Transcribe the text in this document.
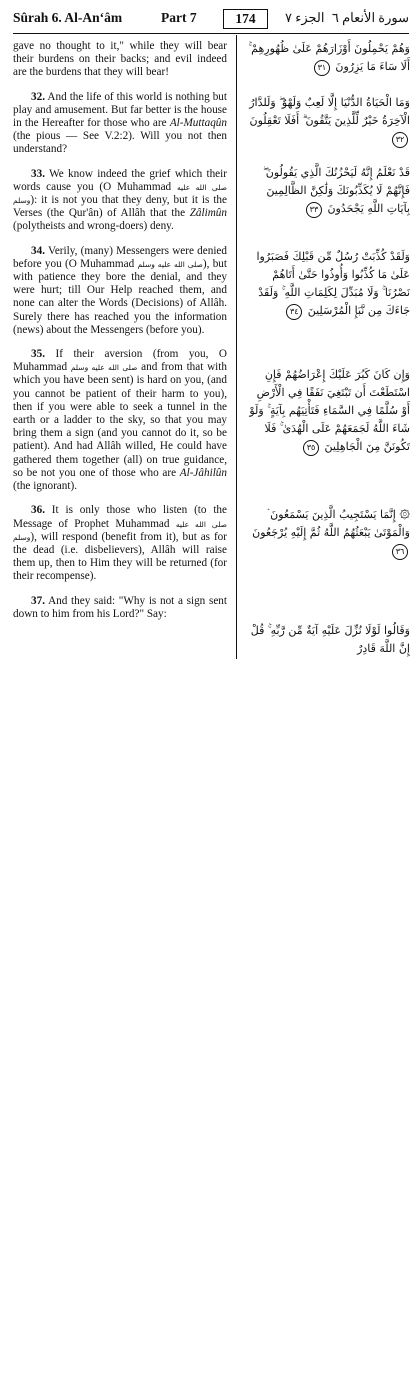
Sûrah 6. Al-An‘âm	Part 7	174	الجزء ٧ سورة الأنعام ٦

gave no thought to it," while they will bear their burdens on their backs; and evil indeed are the burdens that they will bear!

32. And the life of this world is nothing but play and amusement. But far better is the house in the Hereafter for those who are Al-Muttaqûn (the pious — See V.2:2). Will you not then understand?

33. We know indeed the grief which their words cause you (O Muhammad صلى الله عليه وسلم): it is not you that they deny, but it is the Verses (the Qur'ân) of Allâh that the Zâlimûn (polytheists and wrong-doers) deny.

34. Verily, (many) Messengers were denied before you (O Muhammad صلى الله عليه وسلم), but with patience they bore the denial, and they were hurt; till Our Help reached them, and none can alter the Words (Decisions) of Allâh. Surely there has reached you the information (news) about the Messengers (before you).

35. If their aversion (from you, O Muhammad صلى الله عليه وسلم and from that with which you have been sent) is hard on you, (and you cannot be patient of their harm to you), then if you were able to seek a tunnel in the earth or a ladder to the sky, so that you may bring them a sign (and you cannot do it, so be patient). And had Allâh willed, He could have gathered them together (all) on true guidance, so be not you one of those who are Al-Jâhilûn (the ignorant).

36. It is only those who listen (to the Message of Prophet Muhammad صلى الله عليه وسلم), will respond (benefit from it), but as for the dead (i.e. disbelievers), Allâh will raise them up, then to Him they will be returned (for their recompense).

37. And they said: "Why is not a sign sent down to him from his Lord?" Say:

وَهُمْ يَحْمِلُونَ أَوْزَارَهُمْ عَلَىٰ ظُهُورِهِمْ ۚ أَلَا سَاءَ مَا يَزِرُونَ ٣١
وَمَا الْحَيَاةُ الدُّنْيَا إِلَّا لَعِبٌ وَلَهْوٌ ۖ وَلَلدَّارُ الْآخِرَةُ خَيْرٌ لِّلَّذِينَ يَتَّقُونَ ۗ أَفَلَا تَعْقِلُونَ ٣٢
قَدْ نَعْلَمُ إِنَّهُ لَيَحْزُنُكَ الَّذِي يَقُولُونَ ۖ فَإِنَّهُمْ لَا يُكَذِّبُونَكَ وَلَٰكِنَّ الظَّالِمِينَ بِآيَاتِ اللَّهِ يَجْحَدُونَ ٣٣
وَلَقَدْ كُذِّبَتْ رُسُلٌ مِّن قَبْلِكَ فَصَبَرُوا عَلَىٰ مَا كُذِّبُوا وَأُوذُوا حَتَّىٰ أَتَاهُمْ نَصْرُنَا ۚ وَلَا مُبَدِّلَ لِكَلِمَاتِ اللَّهِ ۚ وَلَقَدْ جَاءَكَ مِن نَّبَإِ الْمُرْسَلِينَ ٣٤
وَإِن كَانَ كَبُرَ عَلَيْكَ إِعْرَاضُهُمْ فَإِنِ اسْتَطَعْتَ أَن تَبْتَغِيَ نَفَقًا فِي الْأَرْضِ أَوْ سُلَّمًا فِي السَّمَاءِ فَتَأْتِيَهُم بِآيَةٍ ۚ وَلَوْ شَاءَ اللَّهُ لَجَمَعَهُمْ عَلَى الْهُدَىٰ ۚ فَلَا تَكُونَنَّ مِنَ الْجَاهِلِينَ ٣٥
۞ إِنَّمَا يَسْتَجِيبُ الَّذِينَ يَسْمَعُونَ ۘ وَالْمَوْتَىٰ يَبْعَثُهُمُ اللَّهُ ثُمَّ إِلَيْهِ يُرْجَعُونَ ٣٦
وَقَالُوا لَوْلَا نُزِّلَ عَلَيْهِ آيَةٌ مِّن رَّبِّهِ ۚ قُلْ إِنَّ اللَّهَ قَادِرٌ
